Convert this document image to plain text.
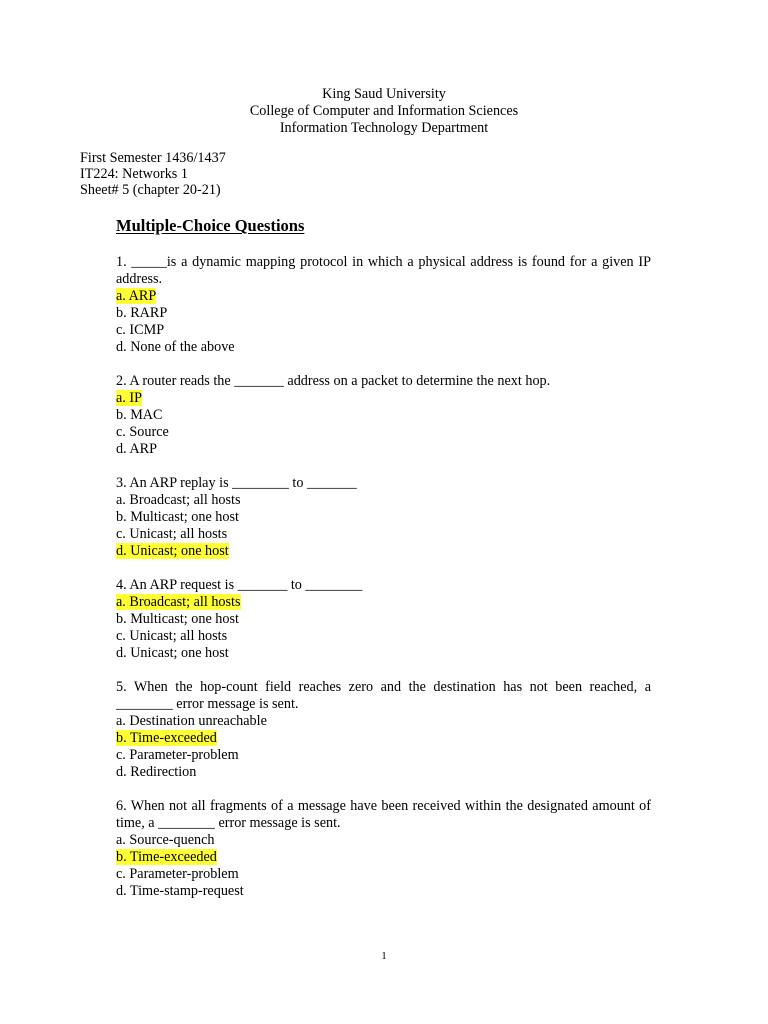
King Saud University
College of Computer and Information Sciences
Information Technology Department
First Semester 1436/1437
IT224: Networks 1
Sheet# 5 (chapter 20-21)
Multiple-Choice Questions
1. _____is a dynamic mapping protocol in which a physical address is found for a given IP address.
a. ARP
b. RARP
c. ICMP
d. None of the above
2. A router reads the _______ address on a packet to determine the next hop.
a. IP
b. MAC
c. Source
d. ARP
3. An ARP replay is ________ to _______
a. Broadcast; all hosts
b. Multicast; one host
c. Unicast; all hosts
d. Unicast; one host
4. An ARP request is _______ to ________
a. Broadcast; all hosts
b. Multicast; one host
c. Unicast; all hosts
d. Unicast; one host
5. When the hop-count field reaches zero and the destination has not been reached, a ________ error message is sent.
a. Destination unreachable
b. Time-exceeded
c. Parameter-problem
d. Redirection
6. When not all fragments of a message have been received within the designated amount of time, a ________ error message is sent.
a. Source-quench
b. Time-exceeded
c. Parameter-problem
d. Time-stamp-request
1
